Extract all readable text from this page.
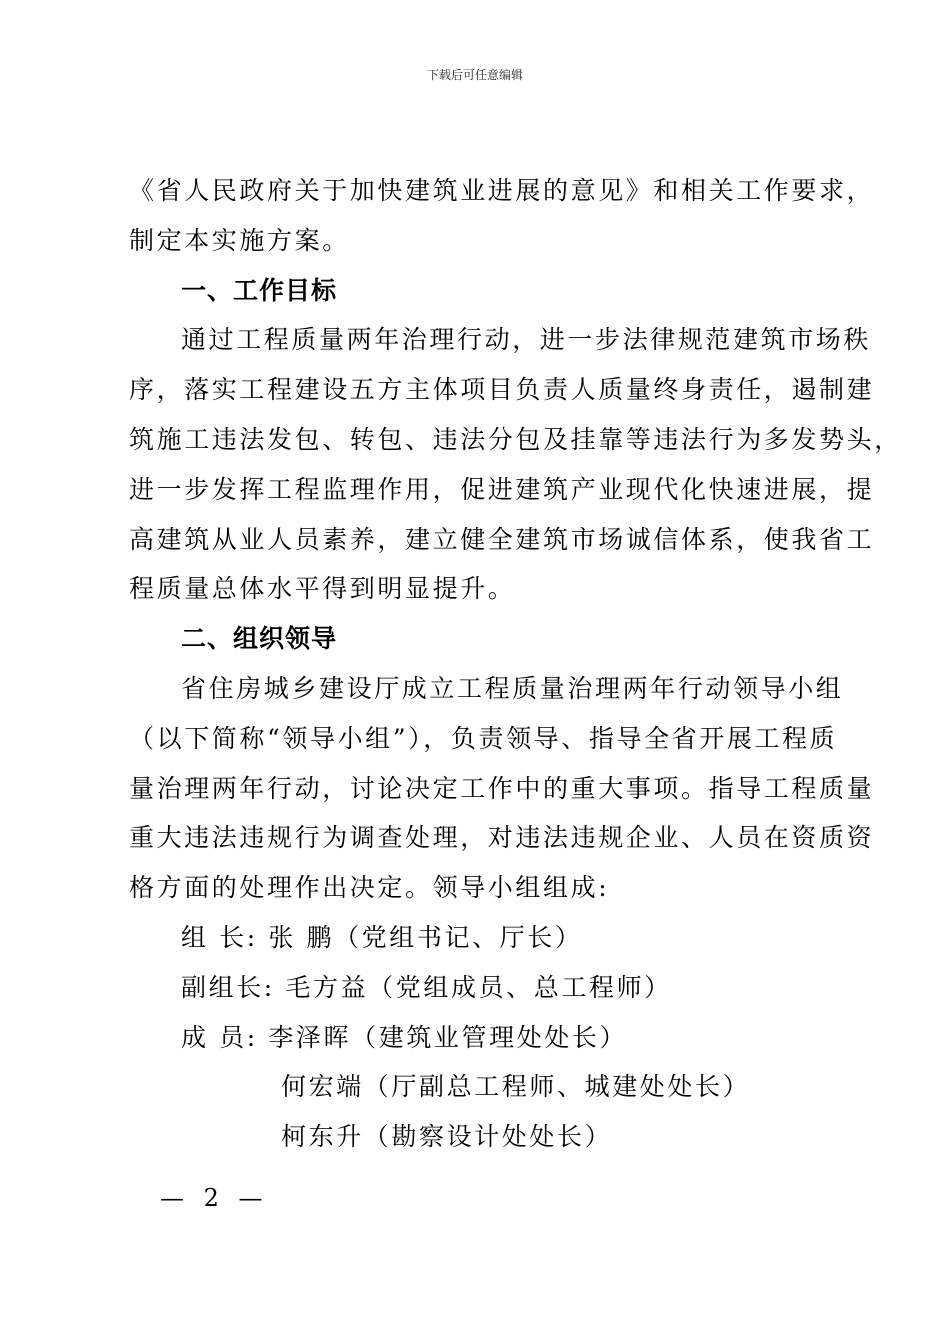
下载后可任意编辑
《省人民政府关于加快建筑业进展的意见》和相关工作要求，
制定本实施方案。
一、工作目标
通过工程质量两年治理行动，进一步法律规范建筑市场秩
序，落实工程建设五方主体项目负责人质量终身责任，遏制建
筑施工违法发包、转包、违法分包及挂靠等违法行为多发势头，
进一步发挥工程监理作用，促进建筑产业现代化快速进展，提
高建筑从业人员素养，建立健全建筑市场诚信体系，使我省工
程质量总体水平得到明显提升。
二、组织领导
省住房城乡建设厅成立工程质量治理两年行动领导小组
（以下简称“领导小组”），负责领导、指导全省开展工程质
量治理两年行动，讨论决定工作中的重大事项。指导工程质量
重大违法违规行为调查处理，对违法违规企业、人员在资质资
格方面的处理作出决定。领导小组组成:
组 长: 张 鹏（党组书记、厅长）
副组长: 毛方益（党组成员、总工程师）
成 员: 李泽晖（建筑业管理处处长）
何宏端（厅副总工程师、城建处处长）
柯东升（勘察设计处处长）
— 2 —
